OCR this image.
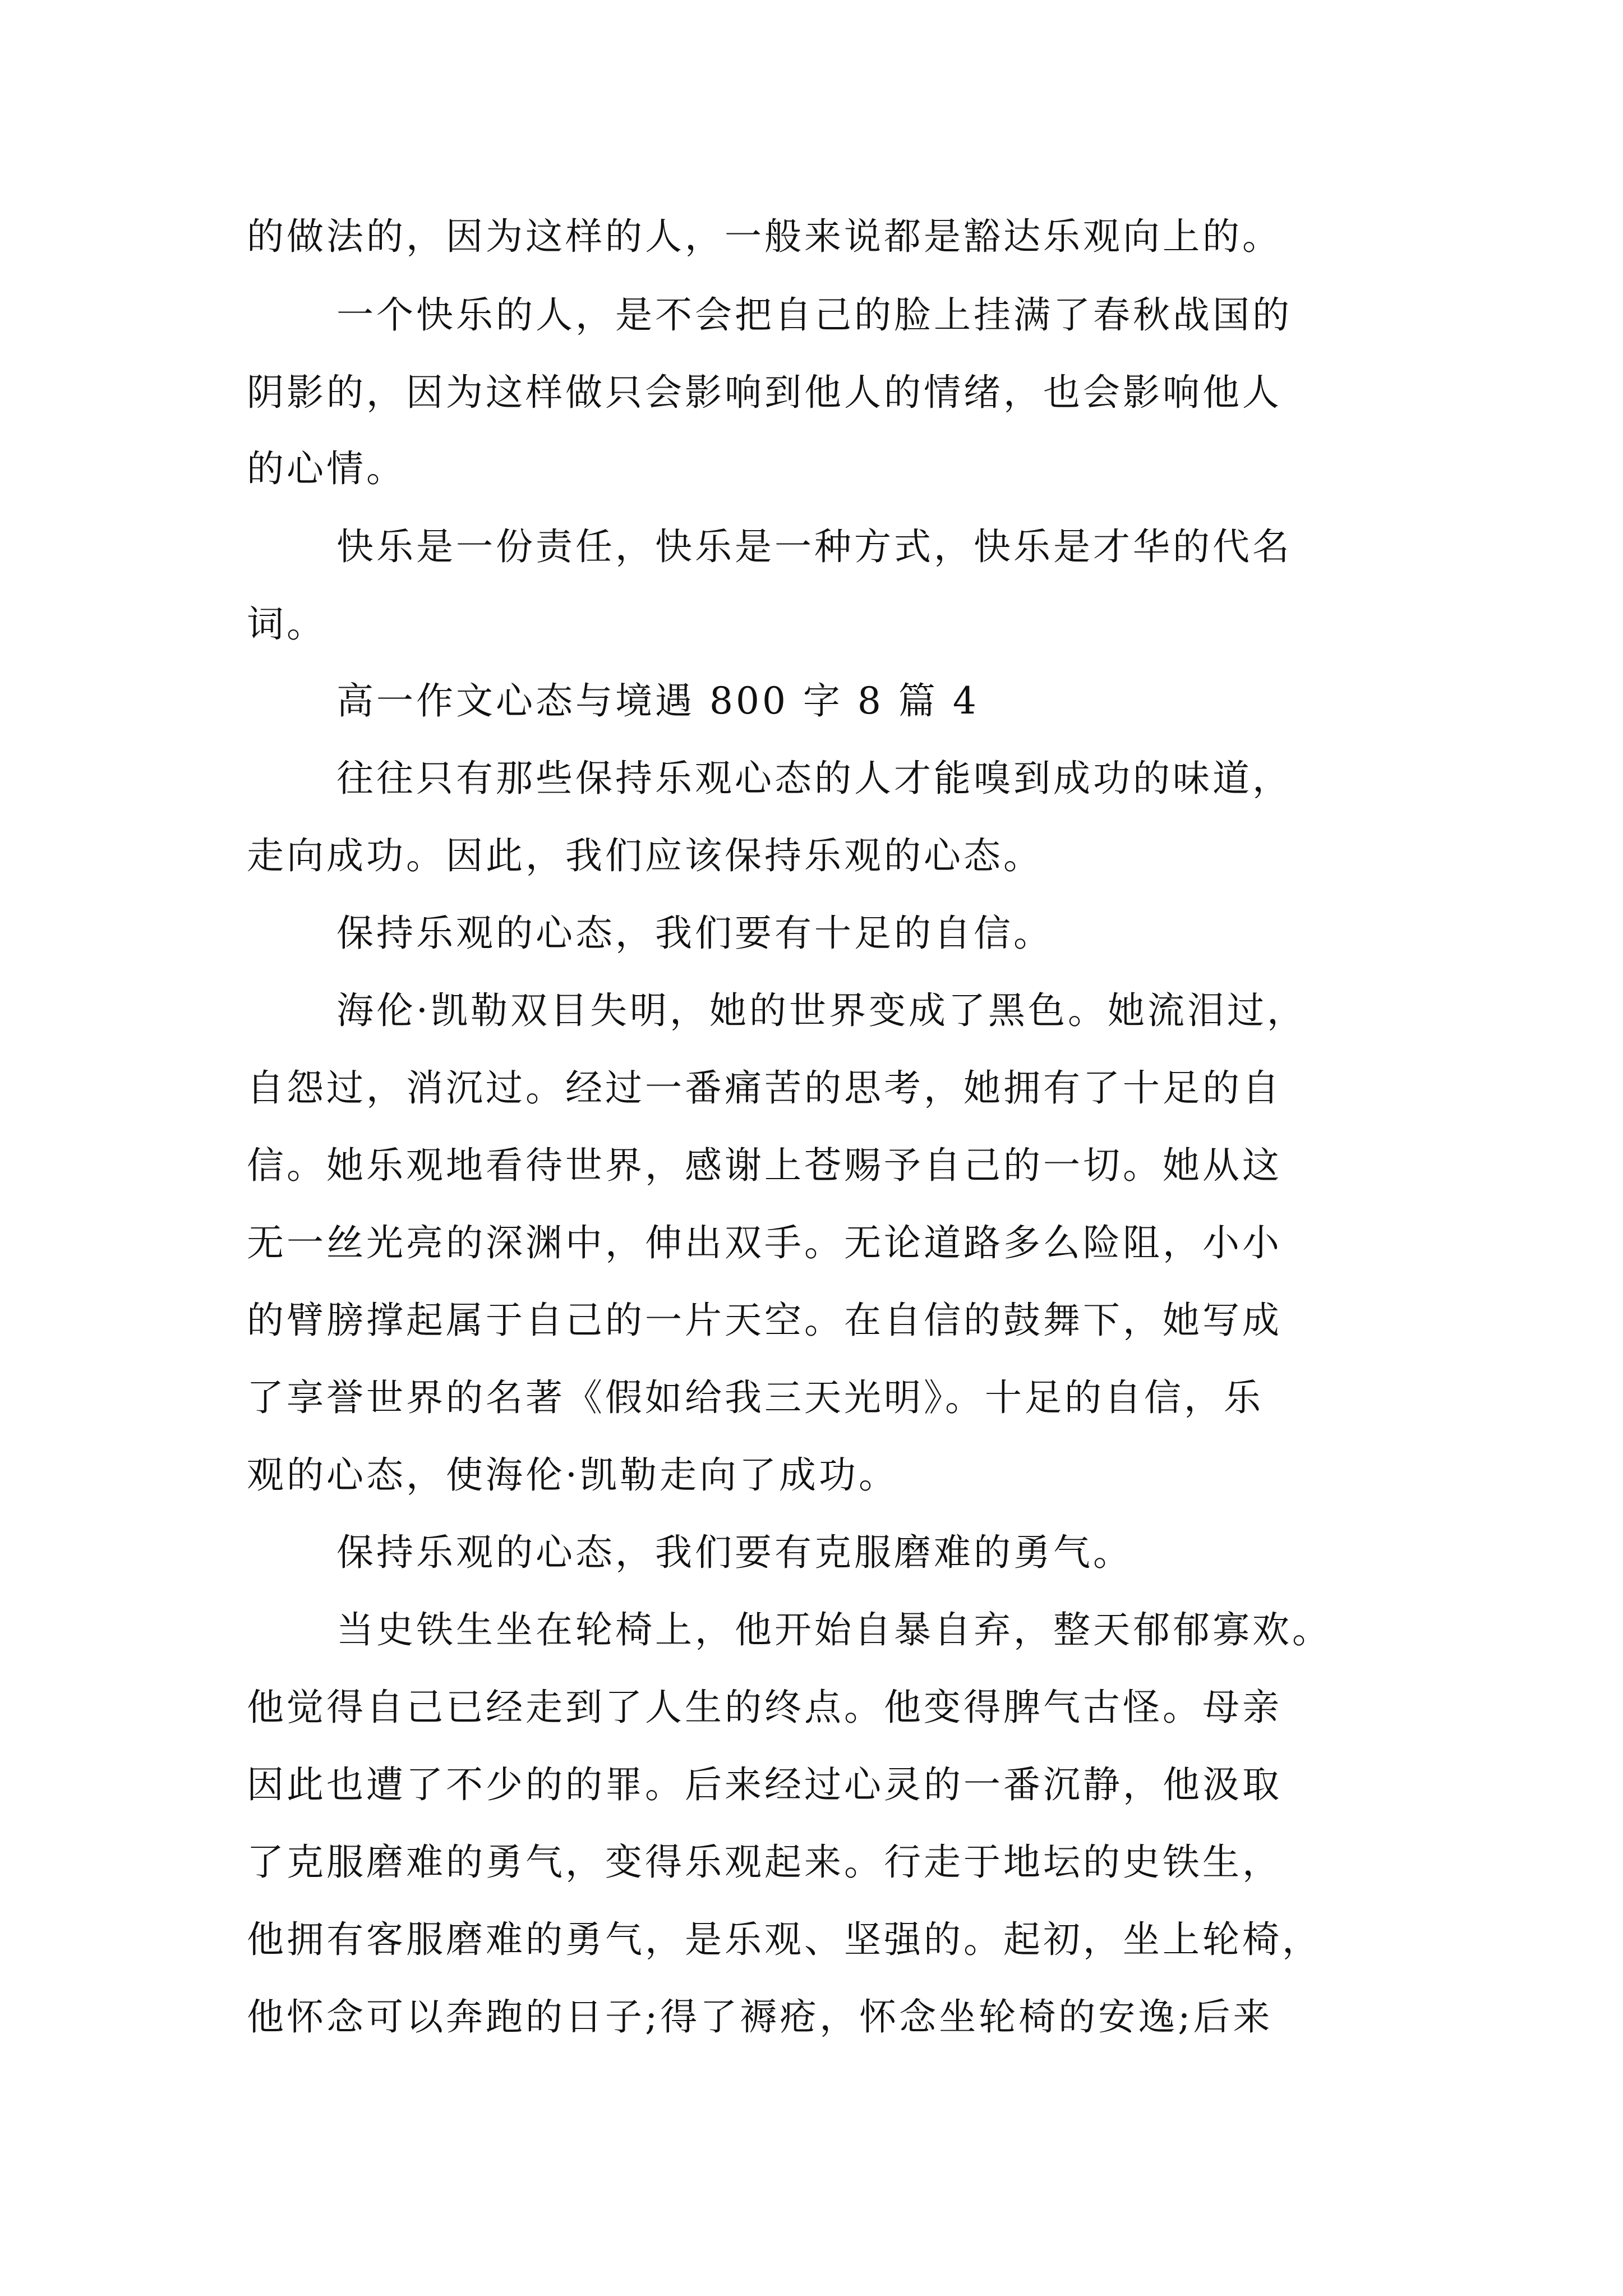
的做法的，因为这样的人，一般来说都是豁达乐观向上的。

一个快乐的人，是不会把自己的脸上挂满了春秋战国的

阴影的，因为这样做只会影响到他人的情绪，也会影响他人

的心情。

快乐是一份责任，快乐是一种方式，快乐是才华的代名

词。

高一作文心态与境遇 800 字 8 篇 4

往往只有那些保持乐观心态的人才能嗅到成功的味道，

走向成功。因此，我们应该保持乐观的心态。

保持乐观的心态，我们要有十足的自信。

海伦·凯勒双目失明，她的世界变成了黑色。她流泪过，

自怨过，消沉过。经过一番痛苦的思考，她拥有了十足的自

信。她乐观地看待世界，感谢上苍赐予自己的一切。她从这

无一丝光亮的深渊中，伸出双手。无论道路多么险阻，小小

的臂膀撑起属于自己的一片天空。在自信的鼓舞下，她写成

了享誉世界的名著《假如给我三天光明》。十足的自信，乐

观的心态，使海伦·凯勒走向了成功。

保持乐观的心态，我们要有克服磨难的勇气。

当史铁生坐在轮椅上，他开始自暴自弃，整天郁郁寡欢。

他觉得自己已经走到了人生的终点。他变得脾气古怪。母亲

因此也遭了不少的的罪。后来经过心灵的一番沉静，他汲取

了克服磨难的勇气，变得乐观起来。行走于地坛的史铁生，

他拥有客服磨难的勇气，是乐观、坚强的。起初，坐上轮椅，

他怀念可以奔跑的日子;得了褥疮，怀念坐轮椅的安逸;后来
